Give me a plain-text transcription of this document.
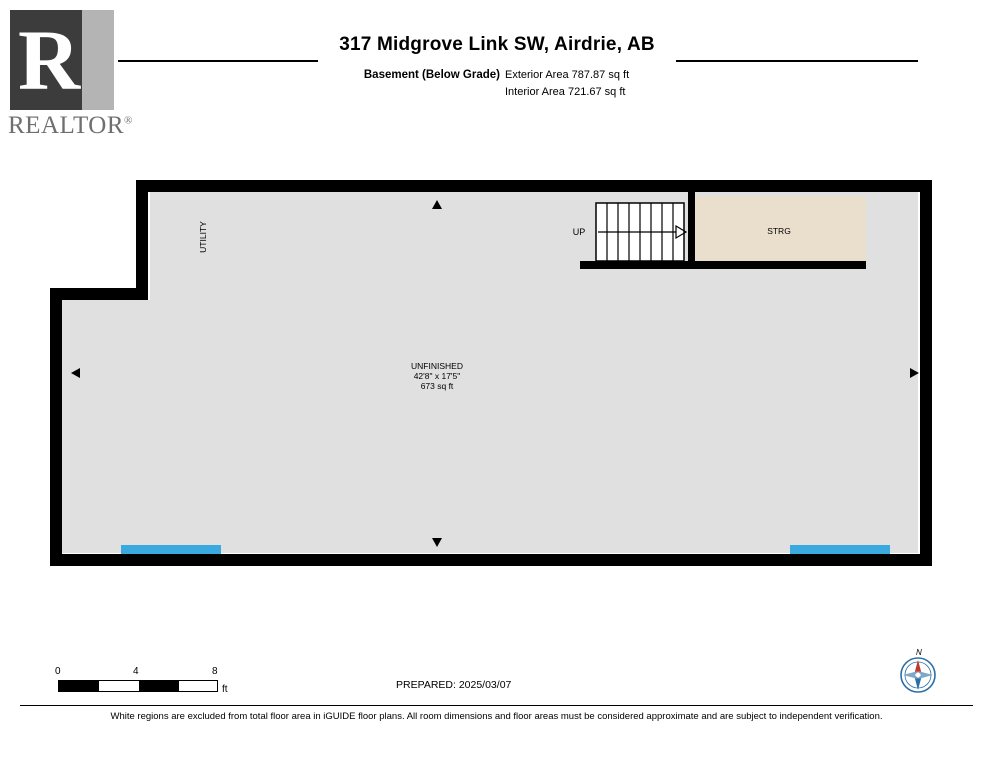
R
REALTOR®
317 Midgrove Link SW, Airdrie, AB
Basement (Below Grade) Exterior Area 787.87 sq ft
Interior Area 721.67 sq ft
UTILITY	STRG
UP
UNFINISHED
42'8" x 17'5"
673 sq ft
0	4	8
ft	PREPARED: 2025/03/07
N
White regions are excluded from total floor area in iGUIDE floor plans. All room dimensions and floor areas must be considered approximate and are subject to independent verification.
